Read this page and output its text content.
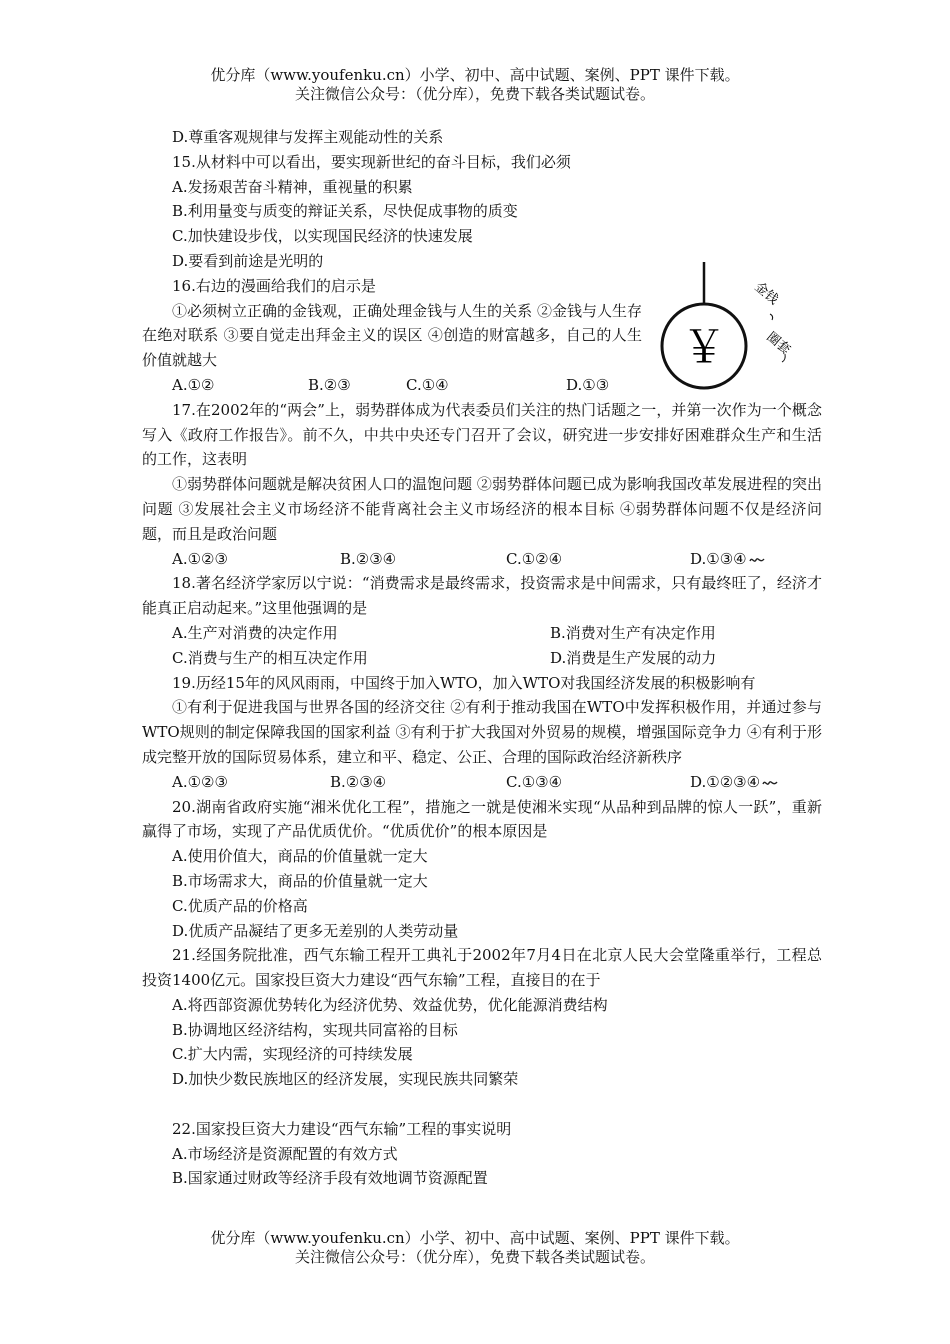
优分库（www.youfenku.cn）小学、初中、高中试题、案例、PPT 课件下载。
关注微信公众号：（优分库），免费下载各类试题试卷。

D.尊重客观规律与发挥主观能动性的关系

15.从材料中可以看出，要实现新世纪的奋斗目标，我们必须

A.发扬艰苦奋斗精神，重视量的积累

B.利用量变与质变的辩证关系，尽快促成事物的质变

C.加快建设步伐，以实现国民经济的快速发展

D.要看到前途是光明的

16.右边的漫画给我们的启示是

①必须树立正确的金钱观，正确处理金钱与人生的关系 ②金钱与人生存在绝对联系 ③要自觉走出拜金主义的误区 ④创造的财富越多，自己的人生价值就越大

A.①②	B.②③	C.①④	D.①③

17.在2002年的“两会”上，弱势群体成为代表委员们关注的热门话题之一，并第一次作为一个概念写入《政府工作报告》。前不久，中共中央还专门召开了会议，研究进一步安排好困难群众生产和生活的工作，这表明

①弱势群体问题就是解决贫困人口的温饱问题 ②弱势群体问题已成为影响我国改革发展进程的突出问题 ③发展社会主义市场经济不能背离社会主义市场经济的根本目标 ④弱势群体问题不仅是经济问题，而且是政治问题

A.①②③	B.②③④	C.①②④	D.①③④

18.著名经济学家厉以宁说：“消费需求是最终需求，投资需求是中间需求，只有最终旺了，经济才能真正启动起来。”这里他强调的是

A.生产对消费的决定作用	B.消费对生产有决定作用
C.消费与生产的相互决定作用	D.消费是生产发展的动力

19.历经15年的风风雨雨，中国终于加入WTO，加入WTO对我国经济发展的积极影响有

①有利于促进我国与世界各国的经济交往 ②有利于推动我国在WTO中发挥积极作用，并通过参与WTO规则的制定保障我国的国家利益 ③有利于扩大我国对外贸易的规模，增强国际竞争力 ④有利于形成完整开放的国际贸易体系，建立和平、稳定、公正、合理的国际政治经济新秩序

A.①②③	B.②③④	C.①③④	D.①②③④

20.湖南省政府实施“湘米优化工程”，措施之一就是使湘米实现“从品种到品牌的惊人一跃”，重新赢得了市场，实现了产品优质优价。“优质优价”的根本原因是

A.使用价值大，商品的价值量就一定大

B.市场需求大，商品的价值量就一定大

C.优质产品的价格高

D.优质产品凝结了更多无差别的人类劳动量

21.经国务院批准，西气东输工程开工典礼于2002年7月4日在北京人民大会堂隆重举行，工程总投资1400亿元。国家投巨资大力建设“西气东输”工程，直接目的在于

A.将西部资源优势转化为经济优势、效益优势，优化能源消费结构

B.协调地区经济结构，实现共同富裕的目标

C.扩大内需，实现经济的可持续发展

D.加快少数民族地区的经济发展，实现民族共同繁荣

22.国家投巨资大力建设“西气东输”工程的事实说明

A.市场经济是资源配置的有效方式

B.国家通过财政等经济手段有效地调节资源配置

￥
金钱
圈套
优分库（www.youfenku.cn）小学、初中、高中试题、案例、PPT 课件下载。
关注微信公众号：（优分库），免费下载各类试题试卷。
